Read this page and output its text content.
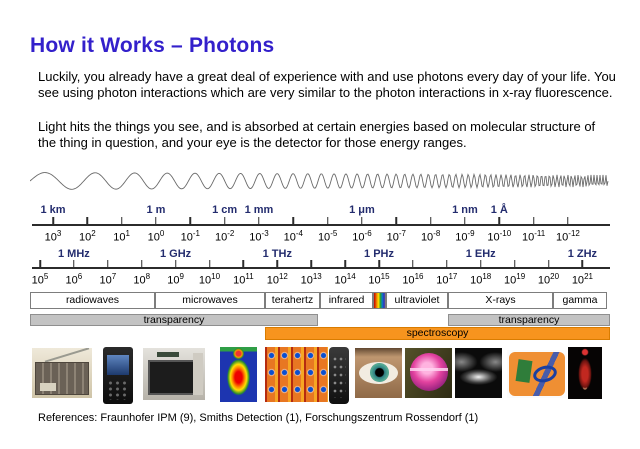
How it Works – Photons
Luckily, you already have a great deal of experience with and use photons every day of your life. You see using photon interactions which are very similar to the photon interactions in x-ray fluorescence.
Light hits the things you see, and is absorbed at certain energies based on molecular structure of the thing in question, and your eye is the detector for those energy ranges.
1 km	1 m	1 cm 1 mm	1 μm	1 nm 1 Å
$10^3$ $10^2$ $10^1$ $10^0$ $10^{-1}$ $10^{-2}$ $10^{-3}$ $10^{-4}$ $10^{-5}$ $10^{-6}$ $10^{-7}$ $10^{-8}$ $10^{-9}$ $10^{-10}$ $10^{-11}$ $10^{-12}$
1 MHz	1 GHz	1 THz	1 PHz	1 EHz	1 ZHz
$10^5$ $10^6$ $10^7$ $10^8$ $10^9$ $10^{10}$ $10^{11}$ $10^{12}$ $10^{13}$ $10^{14}$ $10^{15}$ $10^{16}$ $10^{17}$ $10^{18}$ $10^{19}$ $10^{20}$ $10^{21}$
radiowaves	microwaves	terahertz	infrared	ultraviolet	X-rays	gamma
transparency	transparency
spectroscopy
References: Fraunhofer IPM (9), Smiths Detection (1), Forschungszentrum Rossendorf (1)
